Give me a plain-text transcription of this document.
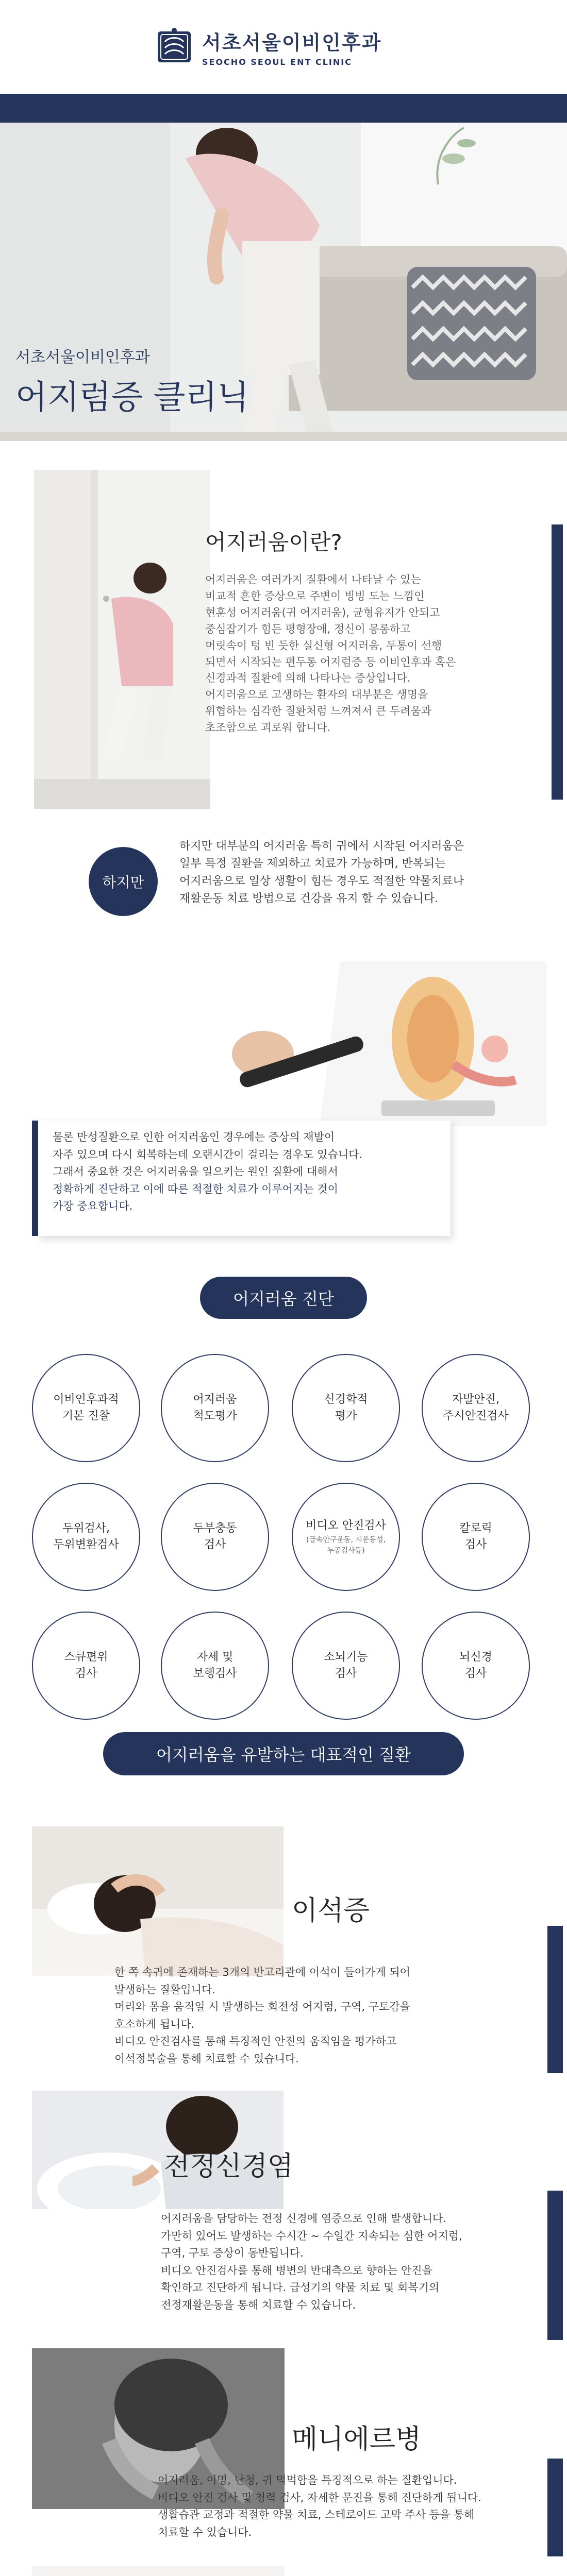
서초서울이비인후과
SEOCHO SEOUL ENT CLINIC
서초서울이비인후과
어지럼증 클리닉
어지러움이란?
어지러움은 여러가지 질환에서 나타날 수 있는
비교적 흔한 증상으로 주변이 빙빙 도는 느낌인
현훈성 어지러움(귀 어지러움), 균형유지가 안되고
중심잡기가 힘든 평형장애, 정신이 몽롱하고
머릿속이 텅 빈 듯한 실신형 어지러움, 두통이 선행
되면서 시작되는 편두통 어지럼증 등 이비인후과 혹은
신경과적 질환에 의해 나타나는 증상입니다.
어지러움으로 고생하는 환자의 대부분은 생명을
위협하는 심각한 질환처럼 느껴져서 큰 두려움과
초조함으로 괴로워 합니다.
하지만
하지만 대부분의 어지러움 특히 귀에서 시작된 어지러움은
일부 특정 질환을 제외하고 치료가 가능하며, 반복되는
어지러움으로 일상 생활이 힘든 경우도 적절한 약물치료나
재활운동 치료 방법으로 건강을 유지 할 수 있습니다.
물론 만성질환으로 인한 어지러움인 경우에는 증상의 재발이
자주 있으며 다시 회복하는데 오랜시간이 걸리는 경우도 있습니다.
그래서 중요한 것은 어지러움을 일으키는 원인 질환에 대해서
정확하게 진단하고 이에 따른 적절한 치료가 이루어지는 것이
가장 중요합니다.
어지러움 진단
이비인후과적
기본 진찰
어지러움
척도평가
신경학적
평가
자발안진,
주시안진검사
두위검사,
두위변환검사
두부충동
검사
비디오 안진검사
(급속안구운동, 시운동성,
누공검사등)
칼로릭
검사
스큐편위
검사
자세 및
보행검사
소뇌기능
검사
뇌신경
검사
어지러움을 유발하는 대표적인 질환
이석증
한 쪽 속귀에 존재하는 3개의 반고리관에 이석이 들어가게 되어
발생하는 질환입니다.
머리와 몸을 움직일 시 발생하는 회전성 어지럼, 구역, 구토감을
호소하게 됩니다.
비디오 안진검사를 통해 특징적인 안진의 움직임을 평가하고
이석정복술을 통해 치료할 수 있습니다.
전정신경염
어지러움을 담당하는 전정 신경에 염증으로 인해 발생합니다.
가만히 있어도 발생하는 수시간 ~ 수일간 지속되는 심한 어지럼,
구역, 구토 증상이 동반됩니다.
비디오 안진검사를 통해 병변의 반대측으로 향하는 안진을
확인하고 진단하게 됩니다. 급성기의 약물 치료 및 회복기의
전정재활운동을 통해 치료할 수 있습니다.
메니에르병
어지러움, 이명, 난청, 귀 먹먹함을 특징적으로 하는 질환입니다.
비디오 안진 검사 및 청력 검사, 자세한 문진을 통해 진단하게 됩니다.
생활습관 교정과 적절한 약물 치료, 스테로이드 고막 주사 등을 통해
치료할 수 있습니다.
